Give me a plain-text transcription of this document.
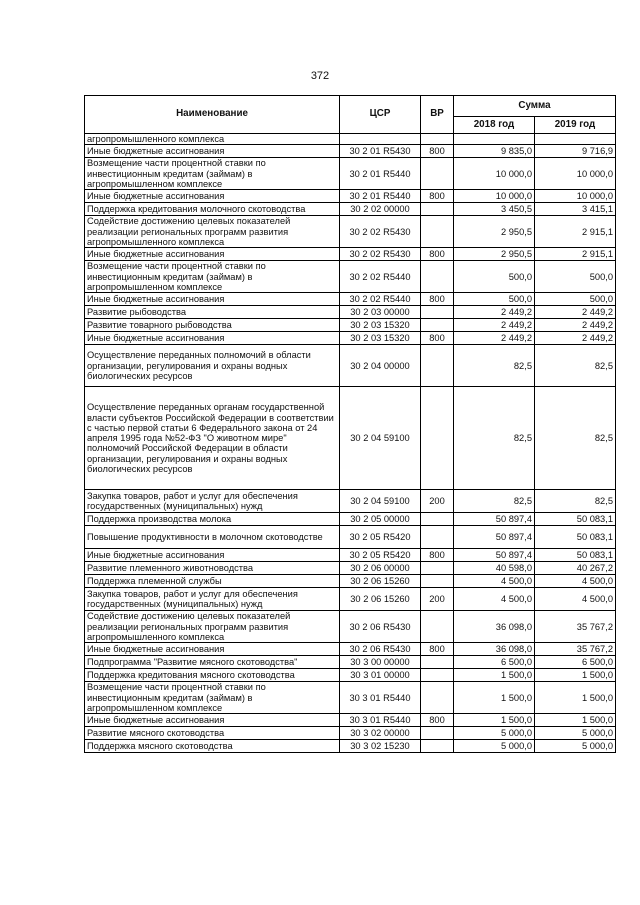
372
Наименование	ЦСР	ВР	Сумма	
			2018 год	2019 год
агропромышленного комплекса				
Иные бюджетные ассигнования	30 2 01 R5430	800	9 835,0	9 716,9
Возмещение части процентной ставки по инвестиционным кредитам (займам) в агропромышленном комплексе	30 2 01 R5440		10 000,0	10 000,0
Иные бюджетные ассигнования	30 2 01 R5440	800	10 000,0	10 000,0
Поддержка кредитования молочного скотоводства	30 2 02 00000		3 450,5	3 415,1
Содействие достижению целевых показателей реализации региональных программ развития агропромышленного комплекса	30 2 02 R5430		2 950,5	2 915,1
Иные бюджетные ассигнования	30 2 02 R5430	800	2 950,5	2 915,1
Возмещение части процентной ставки по инвестиционным кредитам (займам) в агропромышленном комплексе	30 2 02 R5440		500,0	500,0
Иные бюджетные ассигнования	30 2 02 R5440	800	500,0	500,0
Развитие рыбоводства	30 2 03 00000		2 449,2	2 449,2
Развитие товарного рыбоводства	30 2 03 15320		2 449,2	2 449,2
Иные бюджетные ассигнования	30 2 03 15320	800	2 449,2	2 449,2
Осуществление переданных полномочий в области организации, регулирования и охраны водных биологических ресурсов	30 2 04 00000		82,5	82,5
Осуществление переданных органам государственной власти субъектов Российской Федерации в соответствии с частью первой статьи 6 Федерального закона от 24 апреля 1995 года №52-ФЗ "О животном мире" полномочий Российской Федерации в области организации, регулирования и охраны водных биологических ресурсов	30 2 04 59100		82,5	82,5
Закупка товаров, работ и услуг для обеспечения государственных (муниципальных) нужд	30 2 04 59100	200	82,5	82,5
Поддержка производства молока	30 2 05 00000		50 897,4	50 083,1
Повышение продуктивности в молочном скотоводстве	30 2 05 R5420		50 897,4	50 083,1
Иные бюджетные ассигнования	30 2 05 R5420	800	50 897,4	50 083,1
Развитие племенного животноводства	30 2 06 00000		40 598,0	40 267,2
Поддержка племенной службы	30 2 06 15260		4 500,0	4 500,0
Закупка товаров, работ и услуг для обеспечения государственных (муниципальных) нужд	30 2 06 15260	200	4 500,0	4 500,0
Содействие достижению целевых показателей реализации региональных программ развития агропромышленного комплекса	30 2 06 R5430		36 098,0	35 767,2
Иные бюджетные ассигнования	30 2 06 R5430	800	36 098,0	35 767,2
Подпрограмма "Развитие мясного скотоводства"	30 3 00 00000		6 500,0	6 500,0
Поддержка кредитования мясного скотоводства	30 3 01 00000		1 500,0	1 500,0
Возмещение части процентной ставки по инвестиционным кредитам (займам) в агропромышленном комплексе	30 3 01 R5440		1 500,0	1 500,0
Иные бюджетные ассигнования	30 3 01 R5440	800	1 500,0	1 500,0
Развитие мясного скотоводства	30 3 02 00000		5 000,0	5 000,0
Поддержка мясного скотоводства	30 3 02 15230		5 000,0	5 000,0
